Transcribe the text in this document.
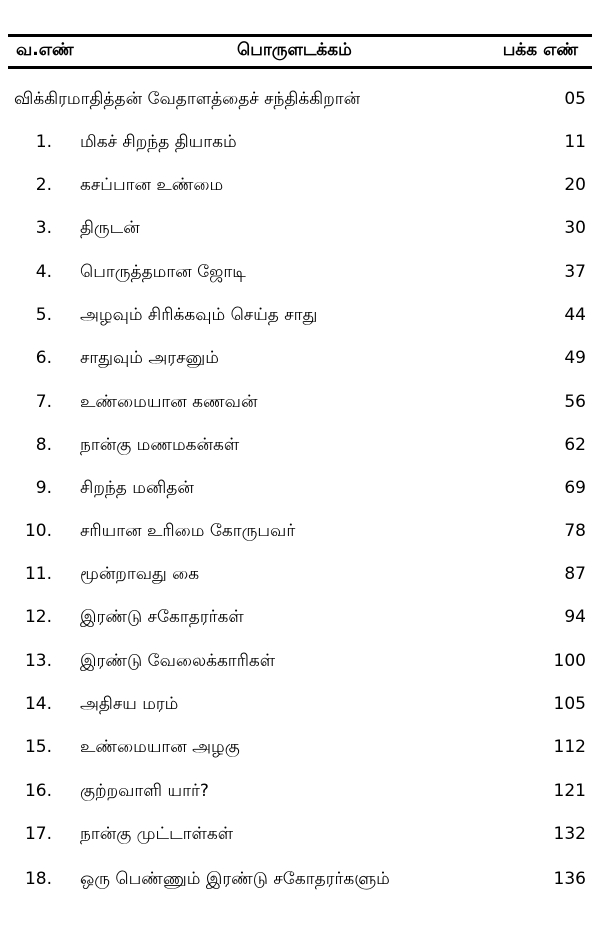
வ.எண்	பொருளடக்கம்	பக்க எண்
விக்கிரமாதித்தன் வேதாளத்தைச் சந்திக்கிறான்	05
1. மிகச் சிறந்த தியாகம்	11
2. கசப்பான உண்மை	20
3. திருடன்	30
4. பொருத்தமான ஜோடி	37
5. அழவும் சிரிக்கவும் செய்த சாது	44
6. சாதுவும் அரசனும்	49
7. உண்மையான கணவன்	56
8. நான்கு மணமகன்கள்	62
9. சிறந்த மனிதன்	69
10. சரியான உரிமை கோருபவர்	78
11. மூன்றாவது கை	87
12. இரண்டு சகோதரர்கள்	94
13. இரண்டு வேலைக்காரிகள்	100
14. அதிசய மரம்	105
15. உண்மையான அழகு	112
16. குற்றவாளி யார்?	121
17. நான்கு முட்டாள்கள்	132
18. ஒரு பெண்ணும் இரண்டு சகோதரர்களும்	136
